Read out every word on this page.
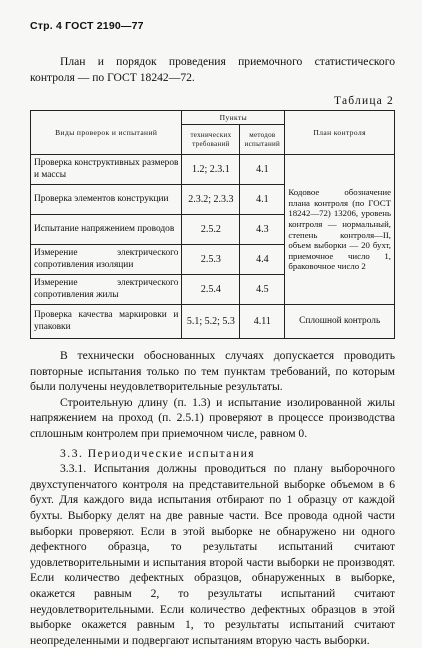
Стр. 4 ГОСТ 2190—77
План и порядок проведения приемочного статистического контроля — по ГОСТ 18242—72.
Таблица 2
Виды проверок и испытаний	Пункты		План контроля
	технических требований	методов испытаний	
Проверка конструктивных размеров и массы	1.2; 2.3.1	4.1	Кодовое обозначение плана контроля (по ГОСТ 18242—72) 13206, уровень контроля — нормальный, степень контроля—II, объем выборки — 20 бухт, приемочное число 1, браковочное число 2
Проверка элементов конструкции	2.3.2; 2.3.3	4.1	
Испытание напряжением проводов	2.5.2	4.3	
Измерение электрического сопротивления изоляции	2.5.3	4.4	
Измерение электрического сопротивления жилы	2.5.4	4.5	
Проверка качества маркировки и упаковки	5.1; 5.2; 5.3	4.11	Сплошной контроль

В технически обоснованных случаях допускается проводить повторные испытания только по тем пунктам требований, по которым были получены неудовлетворительные результаты.

Строительную длину (п. 1.3) и испытание изолированной жилы напряжением на проход (п. 2.5.1) проверяют в процессе производства сплошным контролем при приемочном числе, равном 0.

3.3. Периодические испытания

3.3.1. Испытания должны проводиться по плану выборочного двухступенчатого контроля на представительной выборке объемом в 6 бухт. Для каждого вида испытания отбирают по 1 образцу от каждой бухты. Выборку делят на две равные части. Все провода одной части выборки проверяют. Если в этой выборке не обнаружено ни одного дефектного образца, то результаты испытаний считают удовлетворительными и испытания второй части выборки не производят. Если количество дефектных образцов, обнаруженных в выборке, окажется равным 2, то результаты испытаний считают неудовлетворительными. Если количество дефектных образцов в этой выборке окажется равным 1, то результаты испытаний считают неопределенными и подвергают испытаниям вторую часть выборки.
